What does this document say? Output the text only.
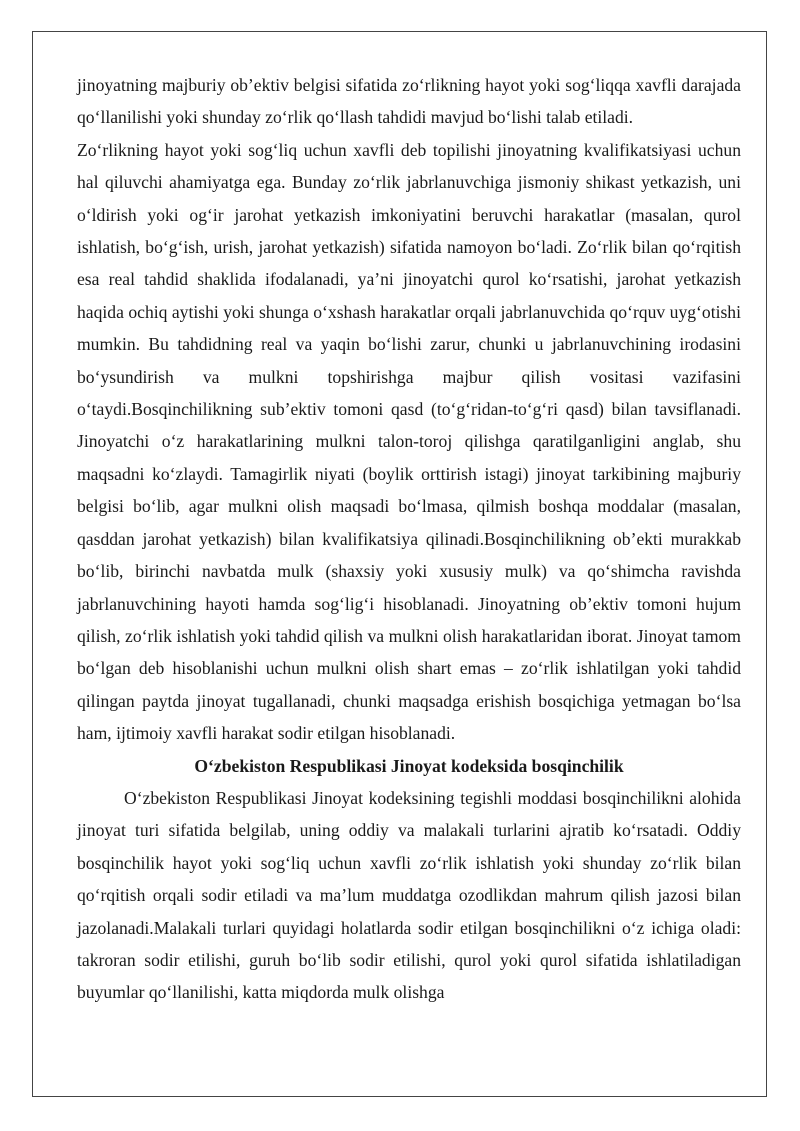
jinoyatning majburiy ob’ektiv belgisi sifatida zo‘rlikning hayot yoki sog‘liqqa xavfli darajada qo‘llanilishi yoki shunday zo‘rlik qo‘llash tahdidi mavjud bo‘lishi talab etiladi.

Zo‘rlikning hayot yoki sog‘liq uchun xavfli deb topilishi jinoyatning kvalifikatsiyasi uchun hal qiluvchi ahamiyatga ega. Bunday zo‘rlik jabrlanuvchiga jismoniy shikast yetkazish, uni o‘ldirish yoki og‘ir jarohat yetkazish imkoniyatini beruvchi harakatlar (masalan, qurol ishlatish, bo‘g‘ish, urish, jarohat yetkazish) sifatida namoyon bo‘ladi. Zo‘rlik bilan qo‘rqitish esa real tahdid shaklida ifodalanadi, ya’ni jinoyatchi qurol ko‘rsatishi, jarohat yetkazish haqida ochiq aytishi yoki shunga o‘xshash harakatlar orqali jabrlanuvchida qo‘rquv uyg‘otishi mumkin. Bu tahdidning real va yaqin bo‘lishi zarur, chunki u jabrlanuvchining irodasini bo‘ysundirish va mulkni topshirishga majbur qilish vositasi vazifasini o‘taydi.Bosqinchilikning sub’ektiv tomoni qasd (to‘g‘ridan-to‘g‘ri qasd) bilan tavsiflanadi. Jinoyatchi o‘z harakatlarining mulkni talon-toroj qilishga qaratilganligini anglab, shu maqsadni ko‘zlaydi. Tamagirlik niyati (boylik orttirish istagi) jinoyat tarkibining majburiy belgisi bo‘lib, agar mulkni olish maqsadi bo‘lmasa, qilmish boshqa moddalar (masalan, qasddan jarohat yetkazish) bilan kvalifikatsiya qilinadi.Bosqinchilikning ob’ekti murakkab bo‘lib, birinchi navbatda mulk (shaxsiy yoki xususiy mulk) va qo‘shimcha ravishda jabrlanuvchining hayoti hamda sog‘lig‘i hisoblanadi. Jinoyatning ob’ektiv tomoni hujum qilish, zo‘rlik ishlatish yoki tahdid qilish va mulkni olish harakatlaridan iborat. Jinoyat tamom bo‘lgan deb hisoblanishi uchun mulkni olish shart emas – zo‘rlik ishlatilgan yoki tahdid qilingan paytda jinoyat tugallanadi, chunki maqsadga erishish bosqichiga yetmagan bo‘lsa ham, ijtimoiy xavfli harakat sodir etilgan hisoblanadi.

O‘zbekiston Respublikasi Jinoyat kodeksida bosqinchilik

O‘zbekiston Respublikasi Jinoyat kodeksining tegishli moddasi bosqinchilikni alohida jinoyat turi sifatida belgilab, uning oddiy va malakali turlarini ajratib ko‘rsatadi. Oddiy bosqinchilik hayot yoki sog‘liq uchun xavfli zo‘rlik ishlatish yoki shunday zo‘rlik bilan qo‘rqitish orqali sodir etiladi va ma’lum muddatga ozodlikdan mahrum qilish jazosi bilan jazolanadi.Malakali turlari quyidagi holatlarda sodir etilgan bosqinchilikni o‘z ichiga oladi: takroran sodir etilishi, guruh bo‘lib sodir etilishi, qurol yoki qurol sifatida ishlatiladigan buyumlar qo‘llanilishi, katta miqdorda mulk olishga
